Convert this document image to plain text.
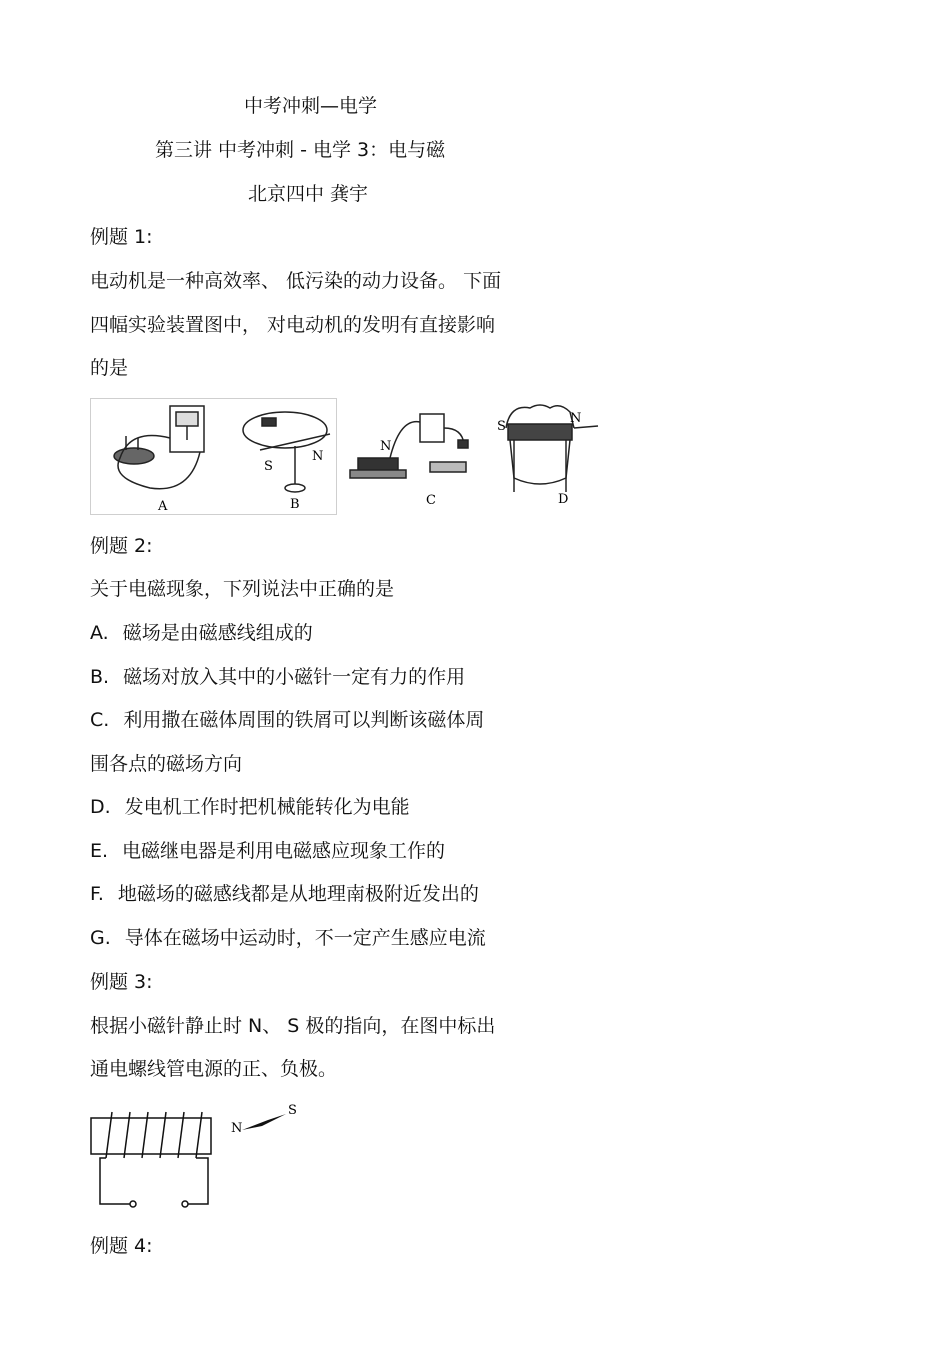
中考冲刺—电学
第三讲 中考冲刺 - 电学 3：电与磁
北京四中 龚宇
例题 1:
电动机是一种高效率、 低污染的动力设备。 下面
四幅实验装置图中， 对电动机的发明有直接影响
的是
A
S
N
B
N
C
S
N
D
例题 2:
关于电磁现象，下列说法中正确的是
A. 磁场是由磁感线组成的
B. 磁场对放入其中的小磁针一定有力的作用
C. 利用撒在磁体周围的铁屑可以判断该磁体周
围各点的磁场方向
D. 发电机工作时把机械能转化为电能
E. 电磁继电器是利用电磁感应现象工作的
F. 地磁场的磁感线都是从地理南极附近发出的
G. 导体在磁场中运动时，不一定产生感应电流
例题 3:
根据小磁针静止时 N、 S 极的指向，在图中标出
通电螺线管电源的正、负极。
N
S
例题 4:
